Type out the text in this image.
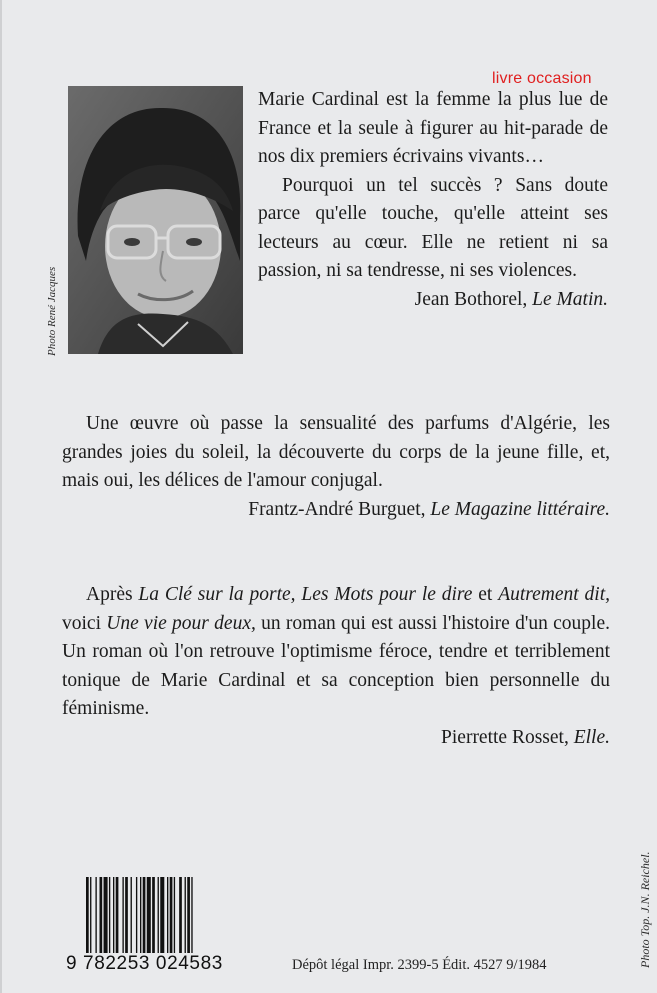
livre occasion
Photo René Jacques

Marie Cardinal est la femme la plus lue de France et la seule à figurer au hit-parade de nos dix premiers écrivains vivants…

Pourquoi un tel succès ? Sans doute parce qu'elle touche, qu'elle atteint ses lecteurs au cœur. Elle ne retient ni sa passion, ni sa tendresse, ni ses violences.

Jean Bothorel, Le Matin.

Une œuvre où passe la sensualité des parfums d'Algérie, les grandes joies du soleil, la découverte du corps de la jeune fille, et, mais oui, les délices de l'amour conjugal.

Frantz-André Burguet, Le Magazine littéraire.

Après La Clé sur la porte, Les Mots pour le dire et Autrement dit, voici Une vie pour deux, un roman qui est aussi l'histoire d'un couple. Un roman où l'on retrouve l'optimisme féroce, tendre et terriblement tonique de Marie Cardinal et sa conception bien personnelle du féminisme.

Pierrette Rosset, Elle.

9 782253 024583	Dépôt légal Impr. 2399-5 Édit. 4527 9/1984	Photo Top. J.N. Reichel.
